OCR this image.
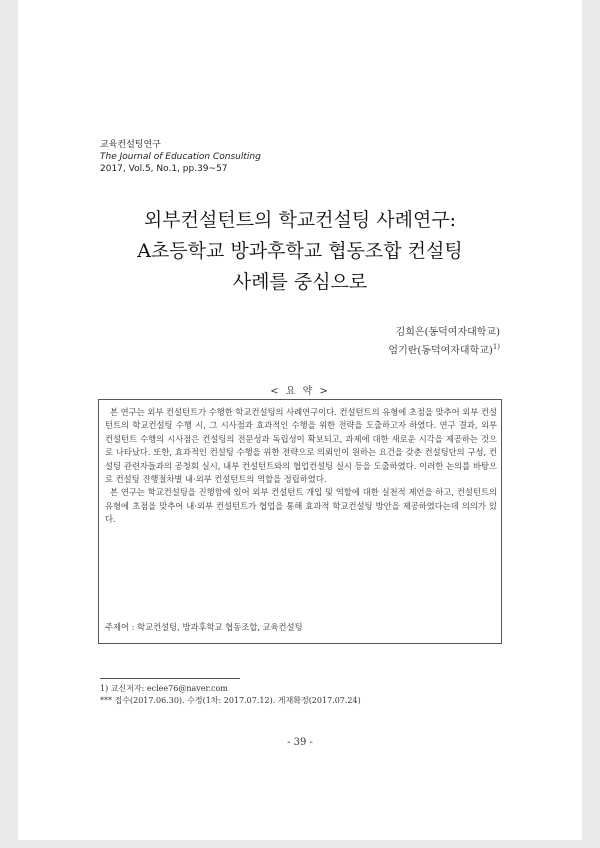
교육컨설팅연구
The Journal of Education Consulting
2017, Vol.5, No.1, pp.39~57
외부컨설턴트의 학교컨설팅 사례연구:
A초등학교 방과후학교 협동조합 컨설팅
사례를 중심으로
김희은(동덕여자대학교)
엄기란(동덕여자대학교)$^{1)}$
< 요 약 >

본 연구는 외부 컨설턴트가 수행한 학교컨설팅의 사례연구이다. 컨설턴트의 유형에 초점을 맞추어 외부 컨설턴트의 학교컨설팅 수행 시, 그 시사점과 효과적인 수행을 위한 전략을 도출하고자 하였다. 연구 결과, 외부 컨설턴트 수행의 시사점은 컨설팅의 전문성과 독립성이 확보되고, 과제에 대한 새로운 시각을 제공하는 것으로 나타났다. 또한, 효과적인 컨설팅 수행을 위한 전략으로 의뢰인이 원하는 요건을 갖춘 컨설팅단의 구성, 컨설팅 관련자들과의 공청회 실시, 내부 컨설턴트와의 협업컨설팅 실시 등을 도출하였다. 이러한 논의를 바탕으로 컨설팅 진행절차별 내·외부 컨설턴트의 역할을 정립하였다.

본 연구는 학교컨설팅을 진행함에 있어 외부 컨설턴트 개입 및 역할에 대한 실천적 제언을 하고, 컨설턴트의 유형에 초점을 맞추어 내·외부 컨설턴트가 협업을 통해 효과적 학교컨설팅 방안을 제공하였다는데 의의가 있다.

주제어 : 학교컨설팅, 방과후학교 협동조합, 교육컨설팅
1) 교신저자: eclee76@naver.com
*** 접수(2017.06.30). 수정(1차: 2017.07.12). 게재확정(2017.07.24)
- 39 -
